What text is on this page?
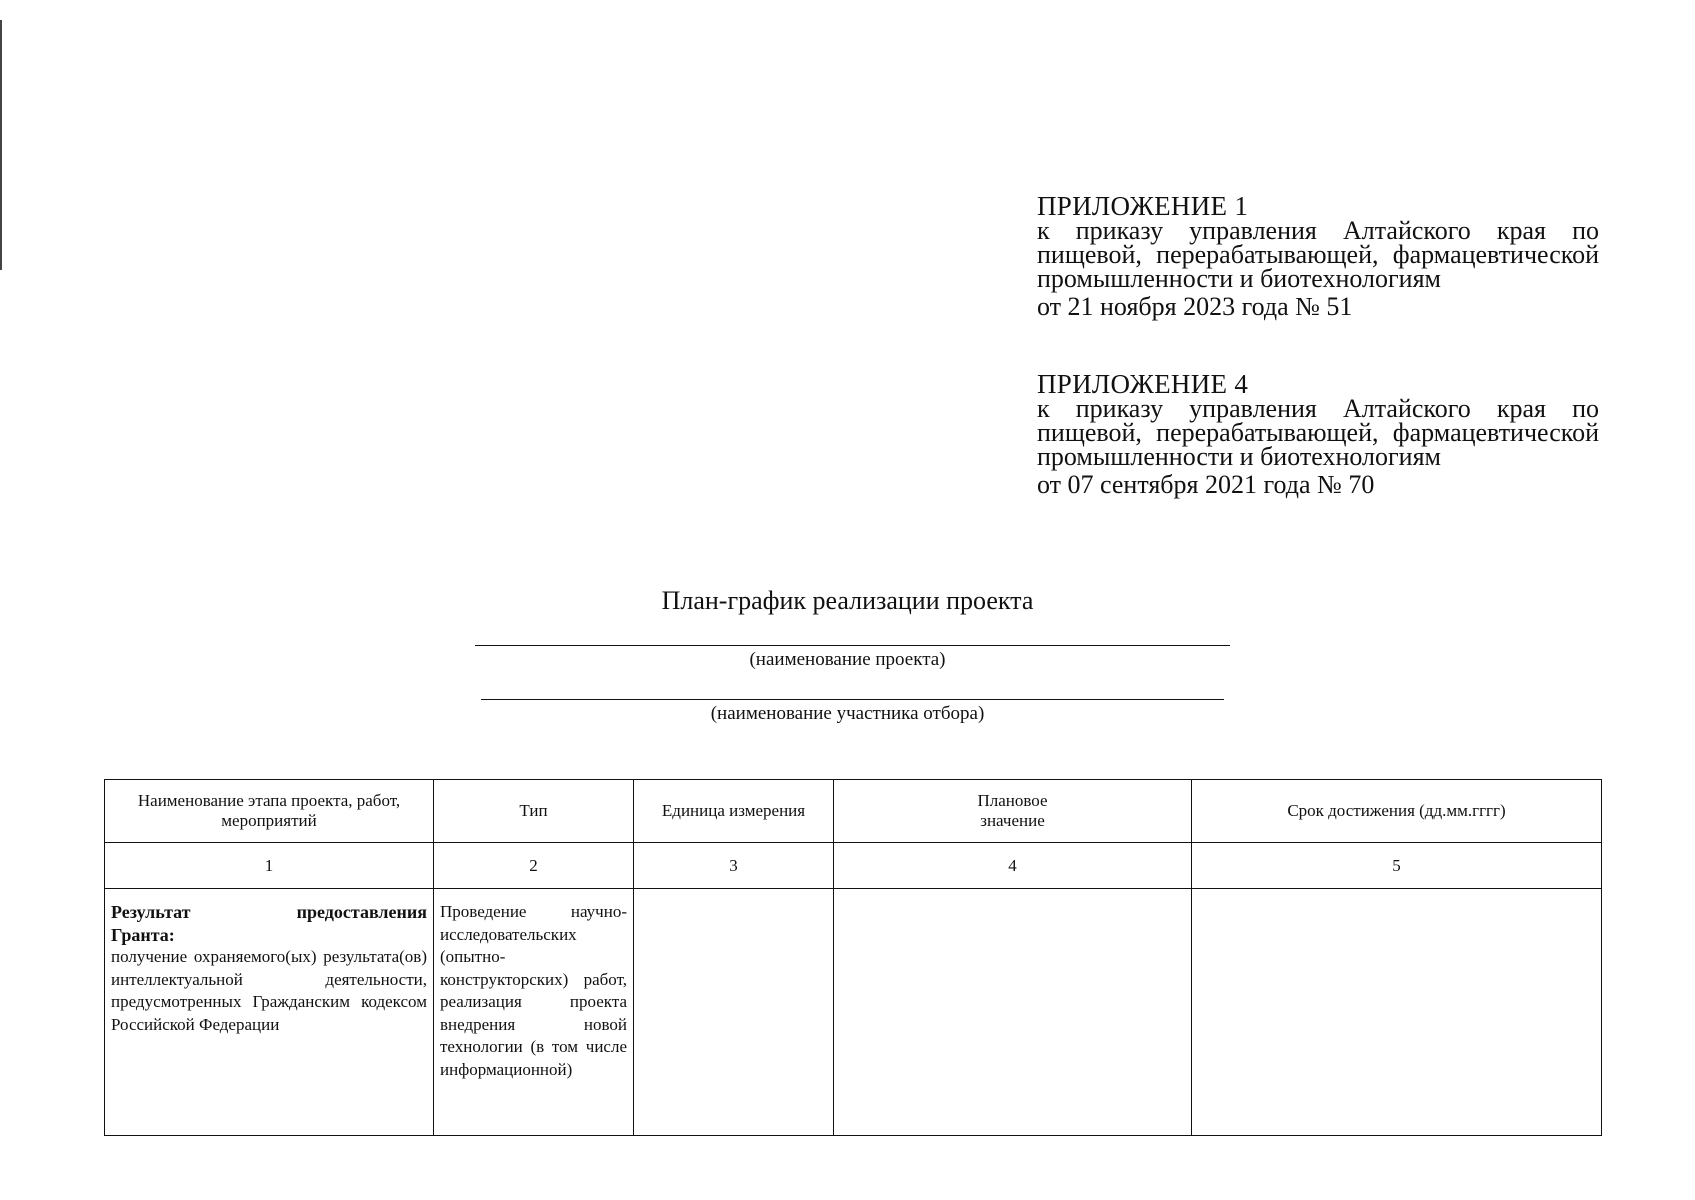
ПРИЛОЖЕНИЕ 1
к приказу управления Алтайского края по пищевой, перерабатывающей, фармацевтической промышленности и биотехнологиям
от 21 ноября 2023 года № 51
ПРИЛОЖЕНИЕ 4
к приказу управления Алтайского края по пищевой, перерабатывающей, фармацевтической промышленности и биотехнологиям
от 07 сентября 2021 года № 70
План-график реализации проекта
(наименование проекта)
(наименование участника отбора)
Наименование этапа проекта, работ, мероприятий	Тип	Единица измерения	Плановое значение	Срок достижения (дд.мм.гггг)
1	2	3	4	5

Результат предоставления
Гранта:
получение охраняемого(ых) результата(ов) интеллектуальной деятельности, предусмотренных Гражданским кодексом Российской Федерации	Проведение научно-исследовательских (опытно-конструкторских) работ, реализация проекта внедрения новой технологии (в том числе информационной)			
